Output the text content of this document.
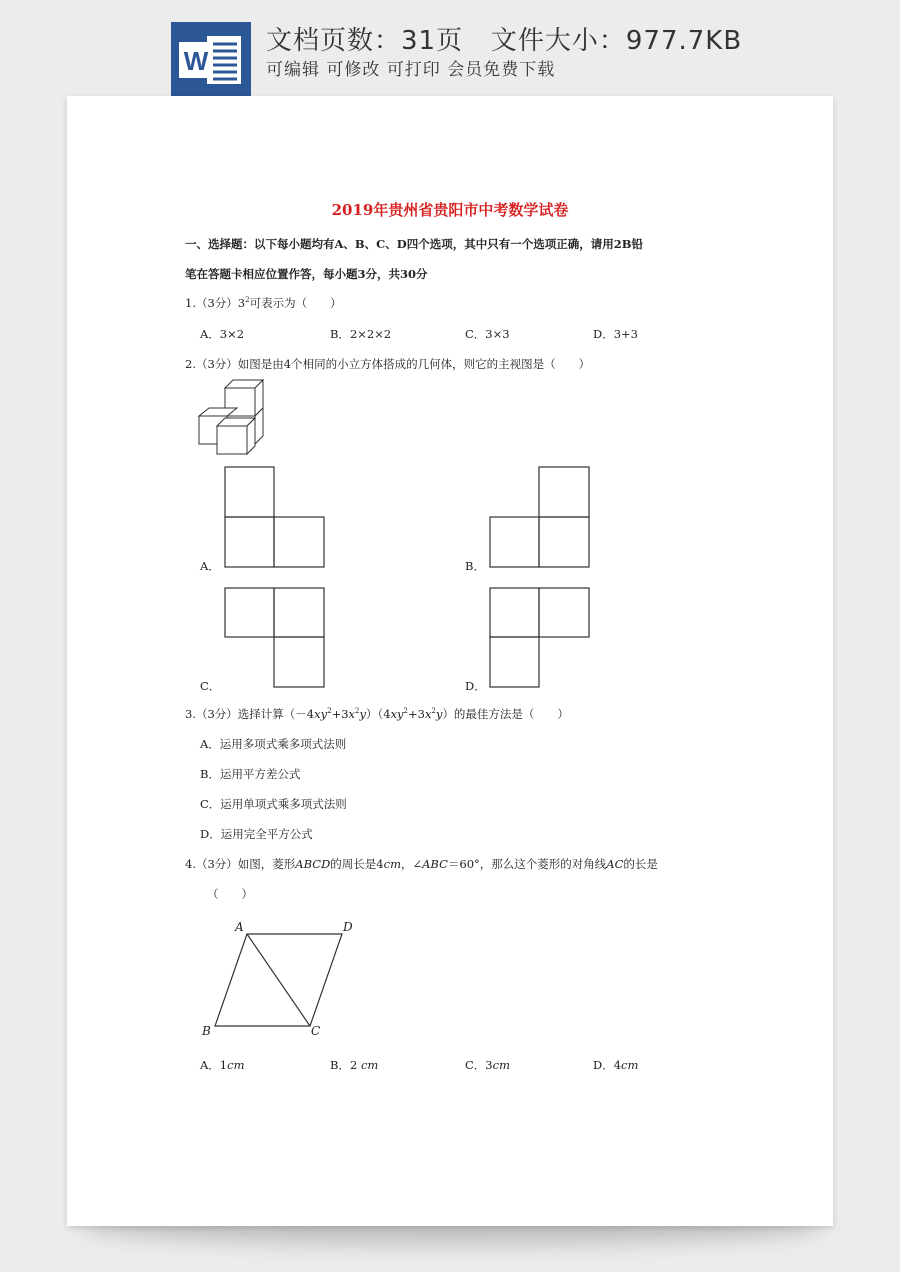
W
文档页数：31页   文件大小：977.7KB
可编辑 可修改 可打印 会员免费下载
2019年贵州省贵阳市中考数学试卷
一、选择题：以下每小题均有A、B、C、D四个选项，其中只有一个选项正确，请用2B铅
笔在答题卡相应位置作答，每小题3分，共30分
1.（3分）$3^2$可表示为（　　）
A．3×2	B．2×2×2	C．3×3	D．3+3
2.（3分）如图是由4个相同的小立方体搭成的几何体，则它的主视图是（　　）
A．	B．
C．	D．
3.（3分）选择计算$(-4xy^2+3x^2y)(4xy^2+3x^2y)$的最佳方法是（　　）
A．运用多项式乘多项式法则
B．运用平方差公式
C．运用单项式乘多项式法则
D．运用完全平方公式
4.（3分）如图，菱形ABCD的周长是4cm，∠ABC＝60°，那么这个菱形的对角线AC的长是
（　　）
A	D
B	C
A．1cm	B．2 cm	C．3cm	D．4cm
